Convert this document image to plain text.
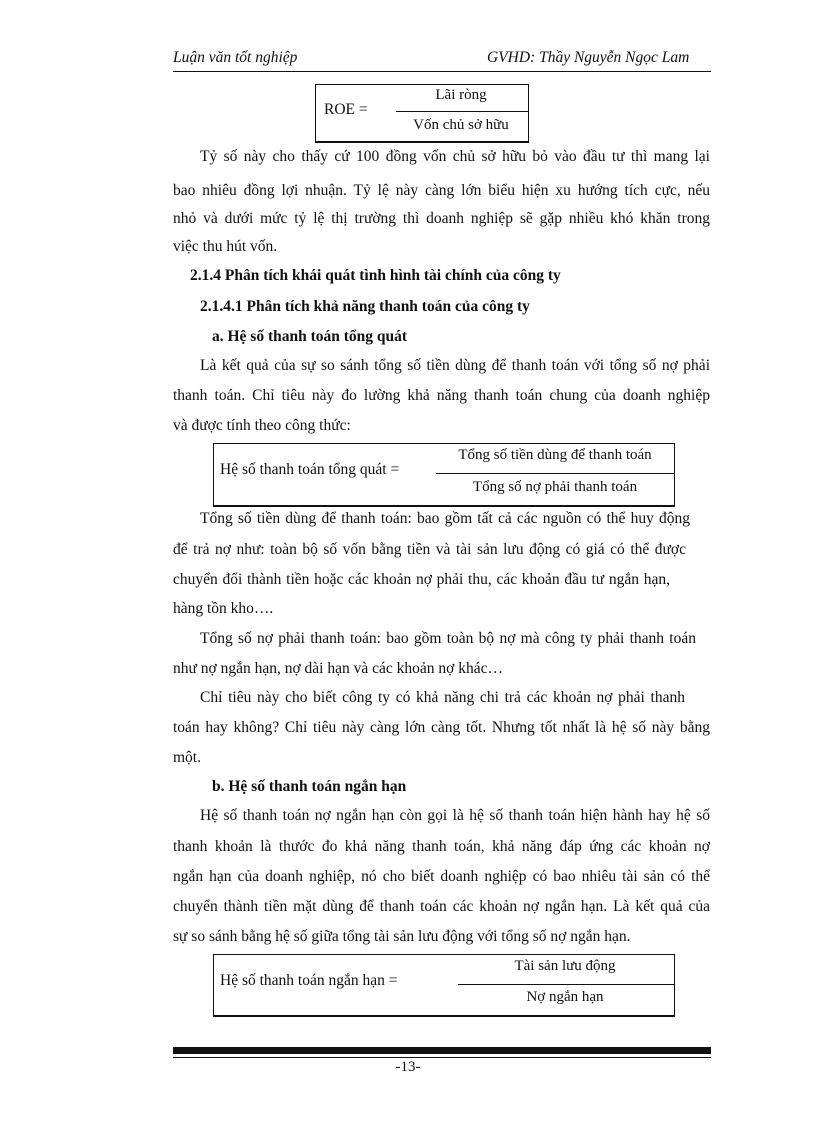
Luận văn tốt nghiệp	GVHD: Thầy Nguyễn Ngọc Lam
ROE =
Lãi ròng
Vốn chủ sở hữu

Tỷ số này cho thấy cứ 100 đồng vốn chủ sở hữu bỏ vào đầu tư thì mang lại

bao nhiêu đồng lợi nhuận. Tỷ lệ này càng lớn biểu hiện xu hướng tích cực, nếu

nhỏ và dưới mức tỷ lệ thị trường thì doanh nghiệp sẽ gặp nhiều khó khăn trong

việc thu hút vốn.

2.1.4 Phân tích khái quát tình hình tài chính của công ty

2.1.4.1 Phân tích khả năng thanh toán của công ty

a. Hệ số thanh toán tổng quát

Là kết quả của sự so sánh tổng số tiền dùng để thanh toán với tổng số nợ phải

thanh toán. Chỉ tiêu này đo lường khả năng thanh toán chung của doanh nghiệp

và được tính theo công thức:

Hệ số thanh toán tổng quát =
Tổng số tiền dùng để thanh toán
Tổng số nợ phải thanh toán

Tổng số tiền dùng để thanh toán: bao gồm tất cả các nguồn có thể huy động

để trả nợ như: toàn bộ số vốn bằng tiền và tài sản lưu động có giá có thể được

chuyển đổi thành tiền hoặc các khoản nợ phải thu, các khoản đầu tư ngắn hạn,

hàng tồn kho….

Tổng số nợ phải thanh toán: bao gồm toàn bộ nợ mà công ty phải thanh toán

như nợ ngắn hạn, nợ dài hạn và các khoản nợ khác…

Chỉ tiêu này cho biết công ty có khả năng chi trả các khoản nợ phải thanh

toán hay không? Chỉ tiêu này càng lớn càng tốt. Nhưng tốt nhất là hệ số này bằng

một.

b. Hệ số thanh toán ngắn hạn

Hệ số thanh toán nợ ngắn hạn còn gọi là hệ số thanh toán hiện hành hay hệ số

thanh khoản là thước đo khả năng thanh toán, khả năng đáp ứng các khoản nợ

ngắn hạn của doanh nghiệp, nó cho biết doanh nghiệp có bao nhiêu tài sản có thể

chuyển thành tiền mặt dùng để thanh toán các khoản nợ ngắn hạn. Là kết quả của

sự so sánh bằng hệ số giữa tổng tài sản lưu động với tổng số nợ ngắn hạn.

Hệ số thanh toán ngắn hạn =
Tài sản lưu động
Nợ ngắn hạn
-13-
